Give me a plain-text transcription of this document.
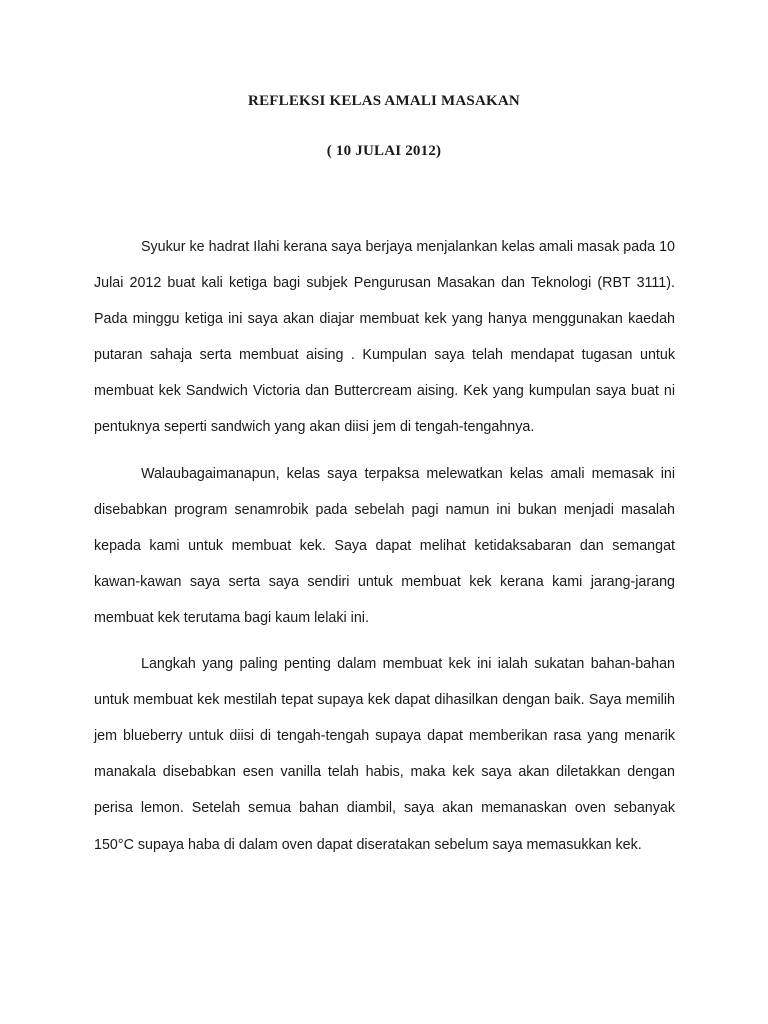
REFLEKSI KELAS AMALI MASAKAN
( 10 JULAI 2012)

Syukur ke hadrat Ilahi kerana saya berjaya menjalankan kelas amali masak pada 10 Julai 2012 buat kali ketiga bagi subjek Pengurusan Masakan dan Teknologi (RBT 3111). Pada minggu ketiga ini saya akan diajar membuat kek yang hanya menggunakan kaedah putaran sahaja serta membuat aising . Kumpulan saya telah mendapat tugasan untuk membuat kek Sandwich Victoria dan Buttercream aising. Kek yang kumpulan saya buat ni pentuknya seperti sandwich yang akan diisi jem di tengah-tengahnya.

Walaubagaimanapun, kelas saya terpaksa melewatkan kelas amali memasak ini disebabkan program senamrobik pada sebelah pagi namun ini bukan menjadi masalah kepada kami untuk membuat kek. Saya dapat melihat ketidaksabaran dan semangat kawan-kawan saya serta saya sendiri untuk membuat kek kerana kami jarang-jarang membuat kek terutama bagi kaum lelaki ini.

Langkah yang paling penting dalam membuat kek ini ialah sukatan bahan-bahan untuk membuat kek mestilah tepat supaya kek dapat dihasilkan dengan baik. Saya memilih jem blueberry untuk diisi di tengah-tengah supaya dapat memberikan rasa yang menarik manakala disebabkan esen vanilla telah habis, maka kek saya akan diletakkan dengan perisa lemon. Setelah semua bahan diambil, saya akan memanaskan oven sebanyak 150°C supaya haba di dalam oven dapat diseratakan sebelum saya memasukkan kek.
